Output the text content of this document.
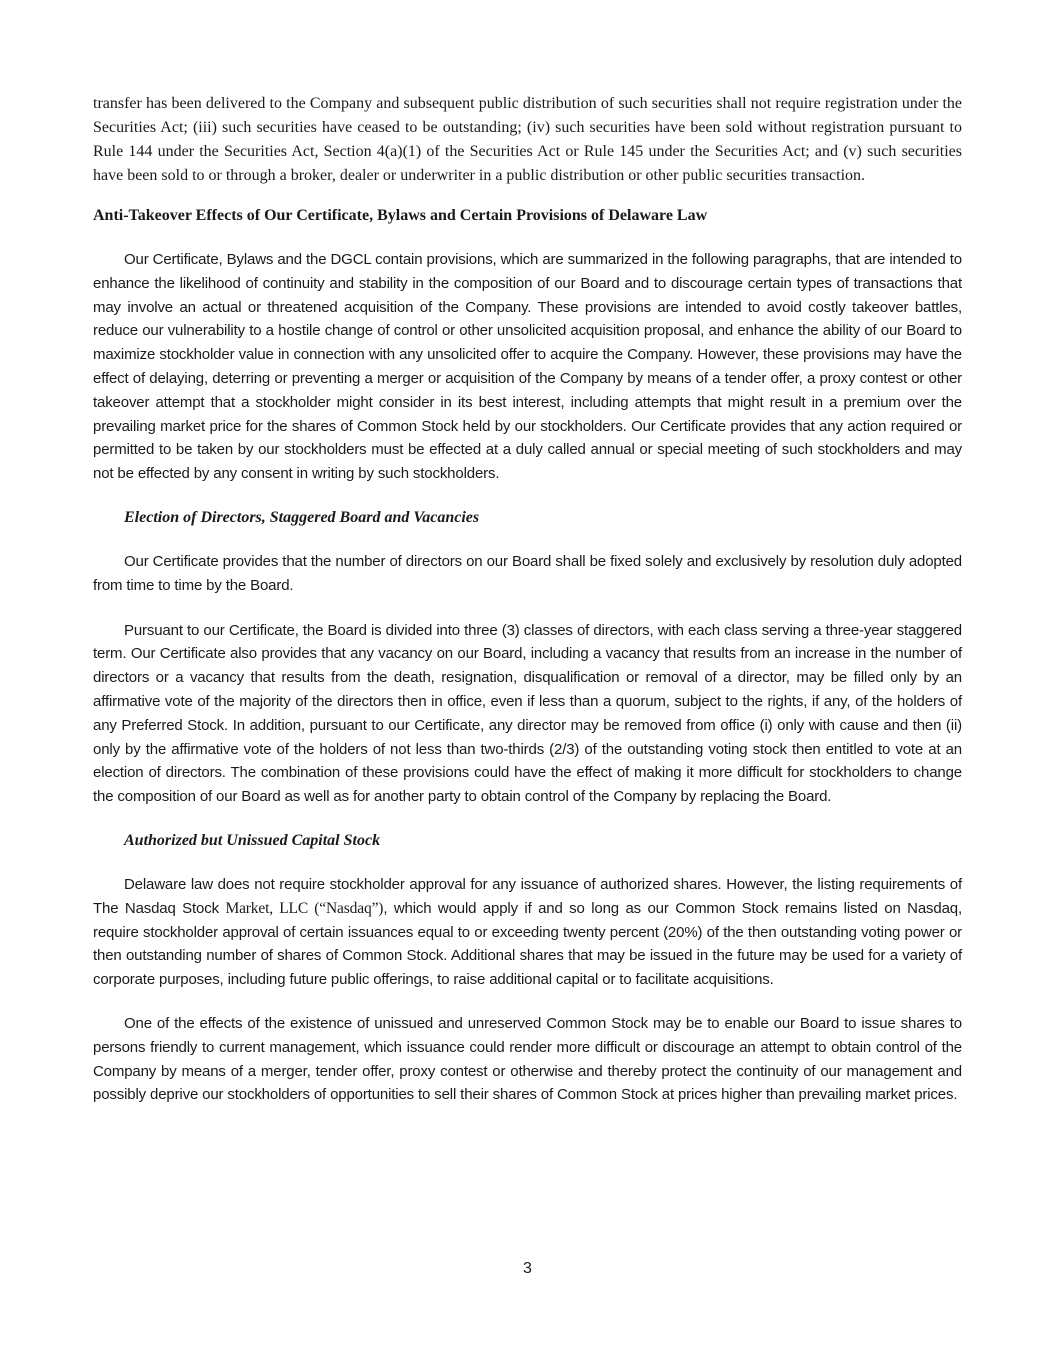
transfer has been delivered to the Company and subsequent public distribution of such securities shall not require registration under the Securities Act; (iii) such securities have ceased to be outstanding; (iv) such securities have been sold without registration pursuant to Rule 144 under the Securities Act, Section 4(a)(1) of the Securities Act or Rule 145 under the Securities Act; and (v) such securities have been sold to or through a broker, dealer or underwriter in a public distribution or other public securities transaction.

Anti-Takeover Effects of Our Certificate, Bylaws and Certain Provisions of Delaware Law

Our Certificate, Bylaws and the DGCL contain provisions, which are summarized in the following paragraphs, that are intended to enhance the likelihood of continuity and stability in the composition of our Board and to discourage certain types of transactions that may involve an actual or threatened acquisition of the Company. These provisions are intended to avoid costly takeover battles, reduce our vulnerability to a hostile change of control or other unsolicited acquisition proposal, and enhance the ability of our Board to maximize stockholder value in connection with any unsolicited offer to acquire the Company. However, these provisions may have the effect of delaying, deterring or preventing a merger or acquisition of the Company by means of a tender offer, a proxy contest or other takeover attempt that a stockholder might consider in its best interest, including attempts that might result in a premium over the prevailing market price for the shares of Common Stock held by our stockholders. Our Certificate provides that any action required or permitted to be taken by our stockholders must be effected at a duly called annual or special meeting of such stockholders and may not be effected by any consent in writing by such stockholders.

Election of Directors, Staggered Board and Vacancies

Our Certificate provides that the number of directors on our Board shall be fixed solely and exclusively by resolution duly adopted from time to time by the Board.

Pursuant to our Certificate, the Board is divided into three (3) classes of directors, with each class serving a three-year staggered term. Our Certificate also provides that any vacancy on our Board, including a vacancy that results from an increase in the number of directors or a vacancy that results from the death, resignation, disqualification or removal of a director, may be filled only by an affirmative vote of the majority of the directors then in office, even if less than a quorum, subject to the rights, if any, of the holders of any Preferred Stock. In addition, pursuant to our Certificate, any director may be removed from office (i) only with cause and then (ii) only by the affirmative vote of the holders of not less than two-thirds (2/3) of the outstanding voting stock then entitled to vote at an election of directors. The combination of these provisions could have the effect of making it more difficult for stockholders to change the composition of our Board as well as for another party to obtain control of the Company by replacing the Board.

Authorized but Unissued Capital Stock

Delaware law does not require stockholder approval for any issuance of authorized shares. However, the listing requirements of The Nasdaq Stock Market, LLC (“Nasdaq”), which would apply if and so long as our Common Stock remains listed on Nasdaq, require stockholder approval of certain issuances equal to or exceeding twenty percent (20%) of the then outstanding voting power or then outstanding number of shares of Common Stock. Additional shares that may be issued in the future may be used for a variety of corporate purposes, including future public offerings, to raise additional capital or to facilitate acquisitions.

One of the effects of the existence of unissued and unreserved Common Stock may be to enable our Board to issue shares to persons friendly to current management, which issuance could render more difficult or discourage an attempt to obtain control of the Company by means of a merger, tender offer, proxy contest or otherwise and thereby protect the continuity of our management and possibly deprive our stockholders of opportunities to sell their shares of Common Stock at prices higher than prevailing market prices.

3
